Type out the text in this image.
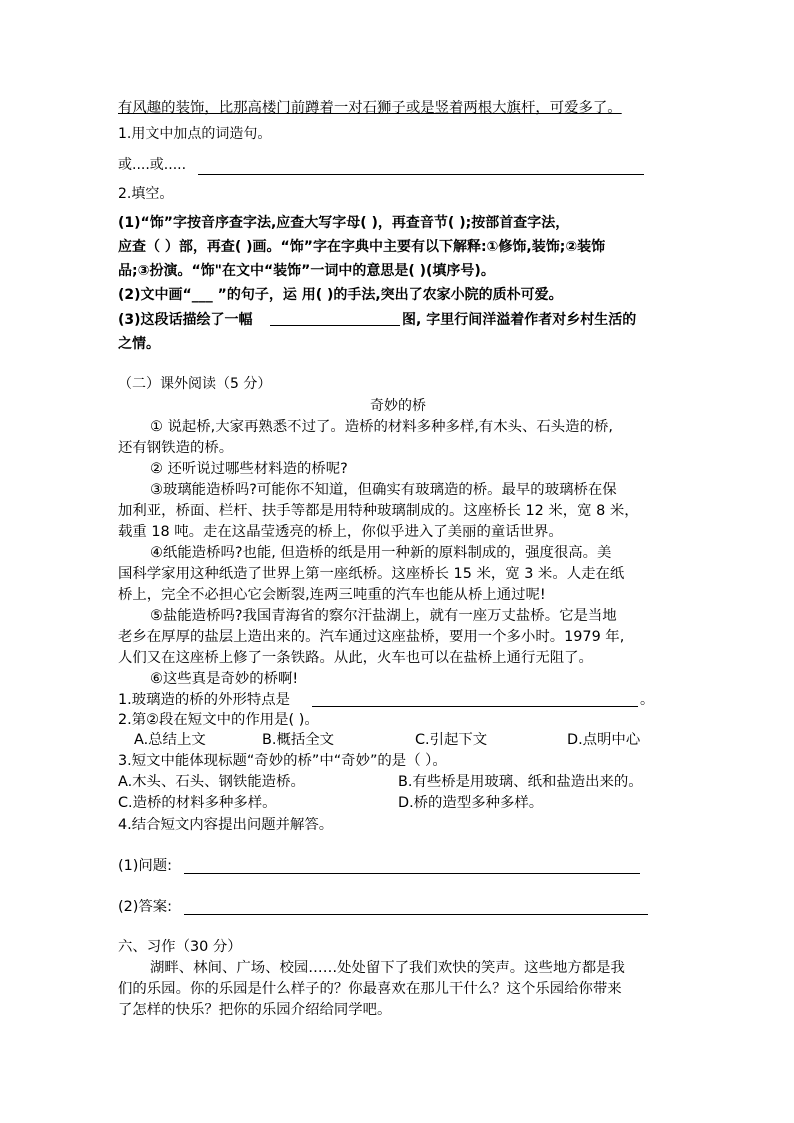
有风趣的装饰，比那高楼门前蹲着一对石狮子或是竖着两根大旗杆，可爱多了。
1.用文中加点的词造句。
或....或.....
2.填空。
(1)“饰”字按音序查字法,应查大写字母( )，再查音节( );按部首查字法，
应查（ ）部，再查( )画。“饰”字在字典中主要有以下解释:①修饰,装饰;②装饰
品;③扮演。“饰"在文中“装饰”一词中的意思是( )(填序号)。
(2)文中画“___ ”的句子，运 用( )的手法,突出了农家小院的质朴可爱。
(3)这段话描绘了一幅	图, 字里行间洋溢着作者对乡村生活的
之情。
（二）课外阅读（5 分）
奇妙的桥
① 说起桥,大家再熟悉不过了。造桥的材料多种多样,有木头、石头造的桥,
还有钢铁造的桥。
② 还听说过哪些材料造的桥呢?
③玻璃能造桥吗?可能你不知道，但确实有玻璃造的桥。最早的玻璃桥在保
加利亚，桥面、栏杆、扶手等都是用特种玻璃制成的。这座桥长 12 米，宽 8 米，
载重 18 吨。走在这晶莹透亮的桥上，你似乎进入了美丽的童话世界。
④纸能造桥吗?也能, 但造桥的纸是用一种新的原料制成的，强度很高。美
国科学家用这种纸造了世界上第一座纸桥。这座桥长 15 米，宽 3 米。人走在纸
桥上，完全不必担心它会断裂,连两三吨重的汽车也能从桥上通过呢!
⑤盐能造桥吗?我国青海省的察尔汗盐湖上，就有一座万丈盐桥。它是当地
老乡在厚厚的盐层上造出来的。汽车通过这座盐桥，要用一个多小时。1979 年,
人们又在这座桥上修了一条铁路。从此，火车也可以在盐桥上通行无阻了。
⑥这些真是奇妙的桥啊!
1.玻璃造的桥的外形特点是	。
2.第②段在短文中的作用是( )。
A.总结上文	B.概括全文	C.引起下文	D.点明中心
3.短文中能体现标题“奇妙的桥”中“奇妙”的是（ ）。
A.木头、石头、钢铁能造桥。	B.有些桥是用玻璃、纸和盐造出来的。
C.造桥的材料多种多样。	D.桥的造型多种多样。
4.结合短文内容提出问题并解答。
(1)问题:
(2)答案:
六、习作（30 分）
湖畔、林间、广场、校园……处处留下了我们欢快的笑声。这些地方都是我
们的乐园。你的乐园是什么样子的？你最喜欢在那儿干什么？这个乐园给你带来
了怎样的快乐？把你的乐园介绍给同学吧。
